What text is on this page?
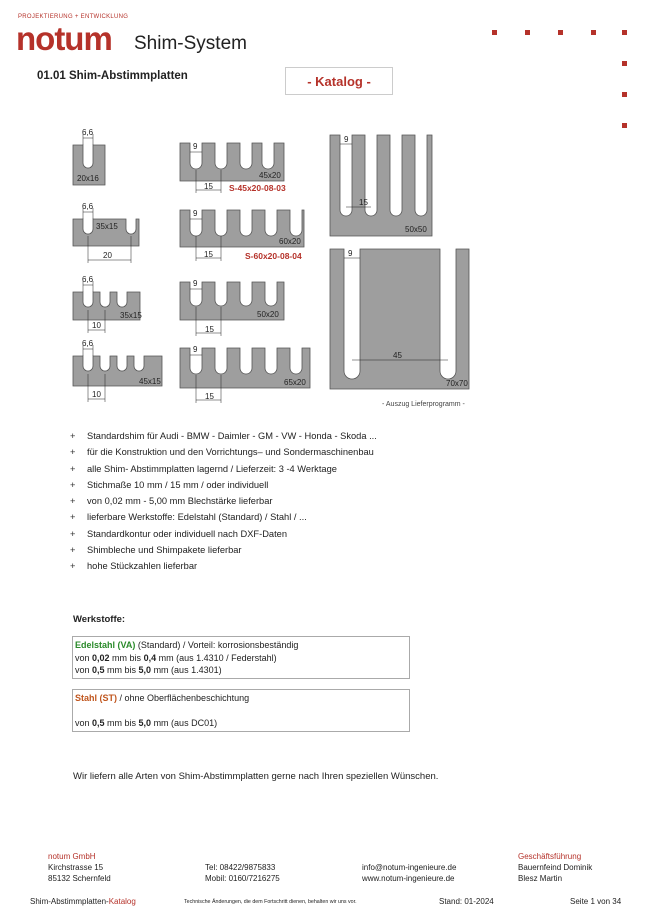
PROJEKTIERUNG + ENTWICKLUNG
notum Shim-System
01.01 Shim-Abstimmplatten	- Katalog -
6,6
20x16
6,6
35x15
20
6,6
35x15
10
6,6
45x15
10
9
45x20
15
9
60x20
15
9
50x20
15
9
65x20
15
9
50x50
15
9
70x70
45
S-45x20-08-03
S-60x20-08-04
- Auszug Lieferprogramm -
+ Standardshim für Audi - BMW - Daimler - GM - VW - Honda - Skoda ...
+ für die Konstruktion und den Vorrichtungs– und Sondermaschinenbau
+ alle Shim- Abstimmplatten lagernd / Lieferzeit: 3 -4 Werktage
+ Stichmaße 10 mm / 15 mm / oder individuell
+ von 0,02 mm - 5,00 mm Blechstärke lieferbar
+ lieferbare Werkstoffe: Edelstahl (Standard) / Stahl / ...
+ Standardkontur oder individuell nach DXF-Daten
+ Shimbleche und Shimpakete lieferbar
+ hohe Stückzahlen lieferbar
Werkstoffe:
Edelstahl (VA) (Standard) / Vorteil: korrosionsbeständig
von 0,02 mm bis 0,4 mm (aus 1.4310 / Federstahl)
von 0,5 mm bis 5,0 mm (aus 1.4301)
Stahl (ST) / ohne Oberflächenbeschichtung
von 0,5 mm bis 5,0 mm (aus DC01)
Wir liefern alle Arten von Shim-Abstimmplatten gerne nach Ihren speziellen Wünschen.
notum GmbH
Kirchstrasse 15
85132 Schernfeld
Tel: 08422/9875833
Mobil: 0160/7216275
info@notum-ingenieure.de
www.notum-ingenieure.de
Geschäftsführung
Bauernfeind Dominik
Blesz Martin
Shim-Abstimmplatten-Katalog	Technische Änderungen, die dem Fortschritt dienen, behalten wir uns vor.	Stand: 01-2024	Seite 1 von 34
